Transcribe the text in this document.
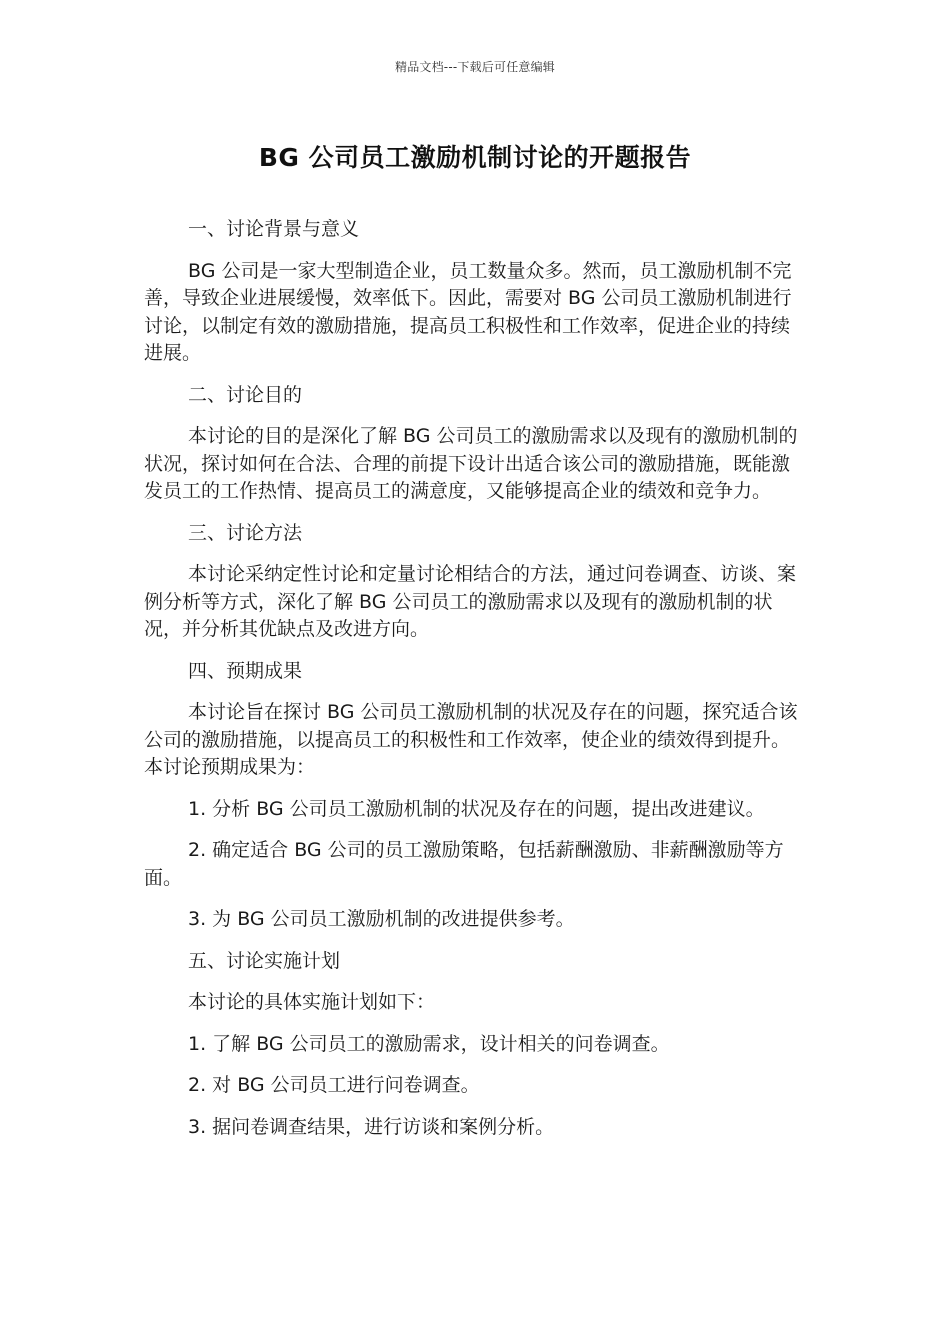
精品文档---下载后可任意编辑
BG 公司员工激励机制讨论的开题报告

一、讨论背景与意义

BG 公司是一家大型制造企业，员工数量众多。然而，员工激励机制不完善，导致企业进展缓慢，效率低下。因此，需要对 BG 公司员工激励机制进行讨论，以制定有效的激励措施，提高员工积极性和工作效率，促进企业的持续进展。

二、讨论目的

本讨论的目的是深化了解 BG 公司员工的激励需求以及现有的激励机制的状况，探讨如何在合法、合理的前提下设计出适合该公司的激励措施，既能激发员工的工作热情、提高员工的满意度，又能够提高企业的绩效和竞争力。

三、讨论方法

本讨论采纳定性讨论和定量讨论相结合的方法，通过问卷调查、访谈、案例分析等方式，深化了解 BG 公司员工的激励需求以及现有的激励机制的状况，并分析其优缺点及改进方向。

四、预期成果

本讨论旨在探讨 BG 公司员工激励机制的状况及存在的问题，探究适合该公司的激励措施，以提高员工的积极性和工作效率，使企业的绩效得到提升。本讨论预期成果为：

1. 分析 BG 公司员工激励机制的状况及存在的问题，提出改进建议。

2. 确定适合 BG 公司的员工激励策略，包括薪酬激励、非薪酬激励等方面。

3. 为 BG 公司员工激励机制的改进提供参考。

五、讨论实施计划

本讨论的具体实施计划如下：

1. 了解 BG 公司员工的激励需求，设计相关的问卷调查。

2. 对 BG 公司员工进行问卷调查。

3. 据问卷调查结果，进行访谈和案例分析。
